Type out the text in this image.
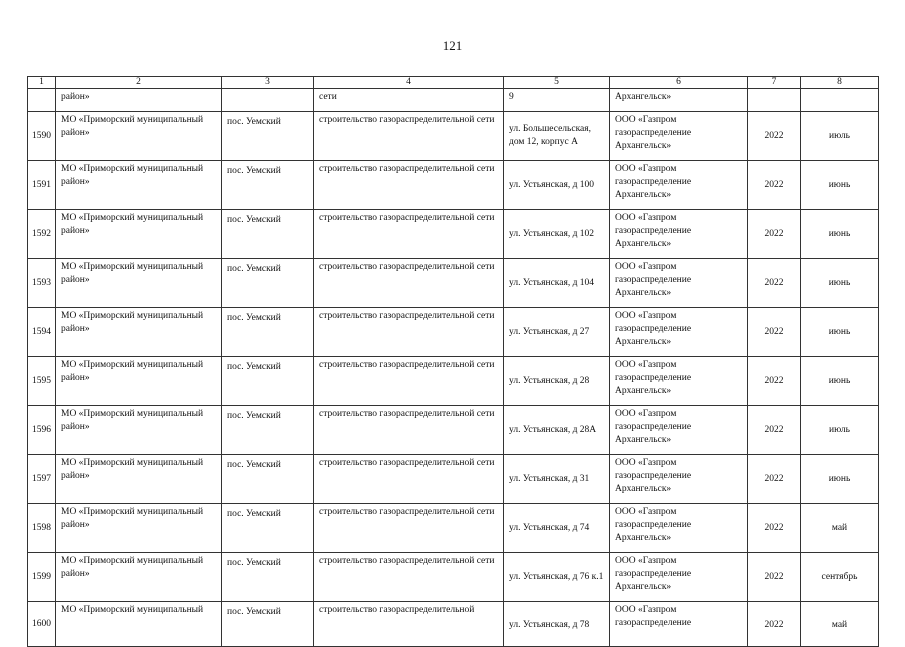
121
1	2	3	4	5	6	7	8
	район»		сети	9	Архангельск»		
1590	МО «Приморский муниципальный район»	пос. Уемский	строительство газораспределительной сети	ул. Большесельская, дом 12, корпус А	ООО «Газпром газораспределение Архангельск»	2022	июль
1591	МО «Приморский муниципальный район»	пос. Уемский	строительство газораспределительной сети	ул. Устьянская, д 100	ООО «Газпром газораспределение Архангельск»	2022	июнь
1592	МО «Приморский муниципальный район»	пос. Уемский	строительство газораспределительной сети	ул. Устьянская, д 102	ООО «Газпром газораспределение Архангельск»	2022	июнь
1593	МО «Приморский муниципальный район»	пос. Уемский	строительство газораспределительной сети	ул. Устьянская, д 104	ООО «Газпром газораспределение Архангельск»	2022	июнь
1594	МО «Приморский муниципальный район»	пос. Уемский	строительство газораспределительной сети	ул. Устьянская, д 27	ООО «Газпром газораспределение Архангельск»	2022	июнь
1595	МО «Приморский муниципальный район»	пос. Уемский	строительство газораспределительной сети	ул. Устьянская, д 28	ООО «Газпром газораспределение Архангельск»	2022	июнь
1596	МО «Приморский муниципальный район»	пос. Уемский	строительство газораспределительной сети	ул. Устьянская, д 28А	ООО «Газпром газораспределение Архангельск»	2022	июль
1597	МО «Приморский муниципальный район»	пос. Уемский	строительство газораспределительной сети	ул. Устьянская, д 31	ООО «Газпром газораспределение Архангельск»	2022	июнь
1598	МО «Приморский муниципальный район»	пос. Уемский	строительство газораспределительной сети	ул. Устьянская, д 74	ООО «Газпром газораспределение Архангельск»	2022	май
1599	МО «Приморский муниципальный район»	пос. Уемский	строительство газораспределительной сети	ул. Устьянская, д 76 к.1	ООО «Газпром газораспределение Архангельск»	2022	сентябрь
1600	МО «Приморский муниципальный	пос. Уемский	строительство газораспределительной	ул. Устьянская, д 78	ООО «Газпром газораспределение	2022	май
